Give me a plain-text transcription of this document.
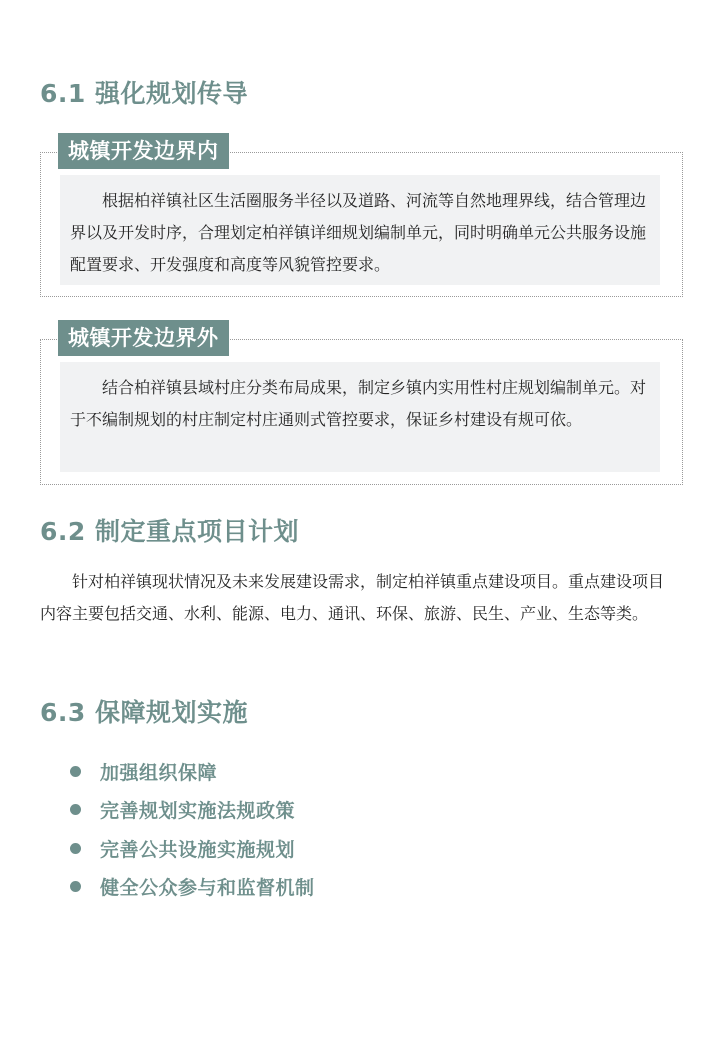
6.1 强化规划传导
城镇开发边界内
根据柏祥镇社区生活圈服务半径以及道路、河流等自然地理界线，结合管理边界以及开发时序，合理划定柏祥镇详细规划编制单元，同时明确单元公共服务设施配置要求、开发强度和高度等风貌管控要求。
城镇开发边界外
结合柏祥镇县域村庄分类布局成果，制定乡镇内实用性村庄规划编制单元。对于不编制规划的村庄制定村庄通则式管控要求，保证乡村建设有规可依。
6.2 制定重点项目计划

针对柏祥镇现状情况及未来发展建设需求，制定柏祥镇重点建设项目。重点建设项目内容主要包括交通、水利、能源、电力、通讯、环保、旅游、民生、产业、生态等类。

6.3 保障规划实施
加强组织保障
完善规划实施法规政策
完善公共设施实施规划
健全公众参与和监督机制
